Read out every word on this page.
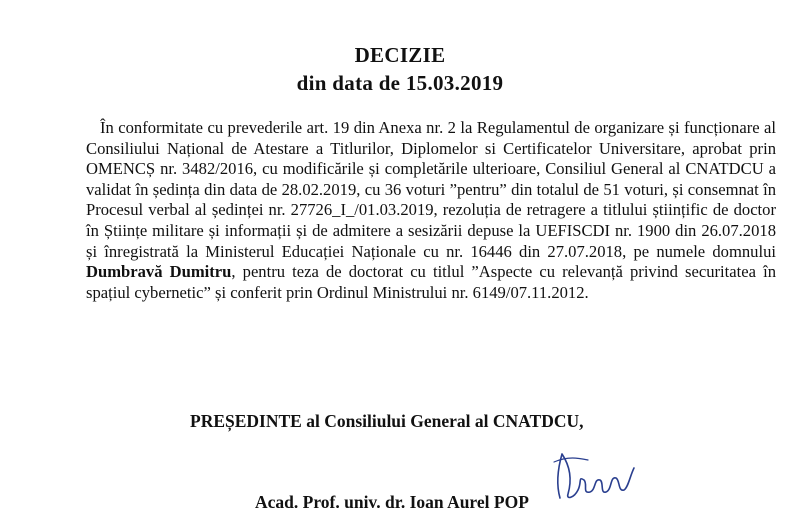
DECIZIE
din data de 15.03.2019

În conformitate cu prevederile art. 19 din Anexa nr. 2 la Regulamentul de organizare și funcționare al Consiliului Național de Atestare a Titlurilor, Diplomelor si Certificatelor Universitare, aprobat prin OMENCȘ nr. 3482/2016, cu modificările și completările ulterioare, Consiliul General al CNATDCU a validat în ședința din data de 28.02.2019, cu 36 voturi ”pentru” din totalul de 51 voturi, și consemnat în Procesul verbal al ședinței nr. 27726_I_/01.03.2019, rezoluția de retragere a titlului științific de doctor în Științe militare și informații și de admitere a sesizării depuse la UEFISCDI nr. 1900 din 26.07.2018 și înregistrată la Ministerul Educației Naționale cu nr. 16446 din 27.07.2018, pe numele domnului Dumbravă Dumitru, pentru teza de doctorat cu titlul ”Aspecte cu relevanță privind securitatea în spațiul cybernetic” și conferit prin Ordinul Ministrului nr. 6149/07.11.2012.

PREȘEDINTE al Consiliului General al CNATDCU,
Acad. Prof. univ. dr. Ioan Aurel POP
